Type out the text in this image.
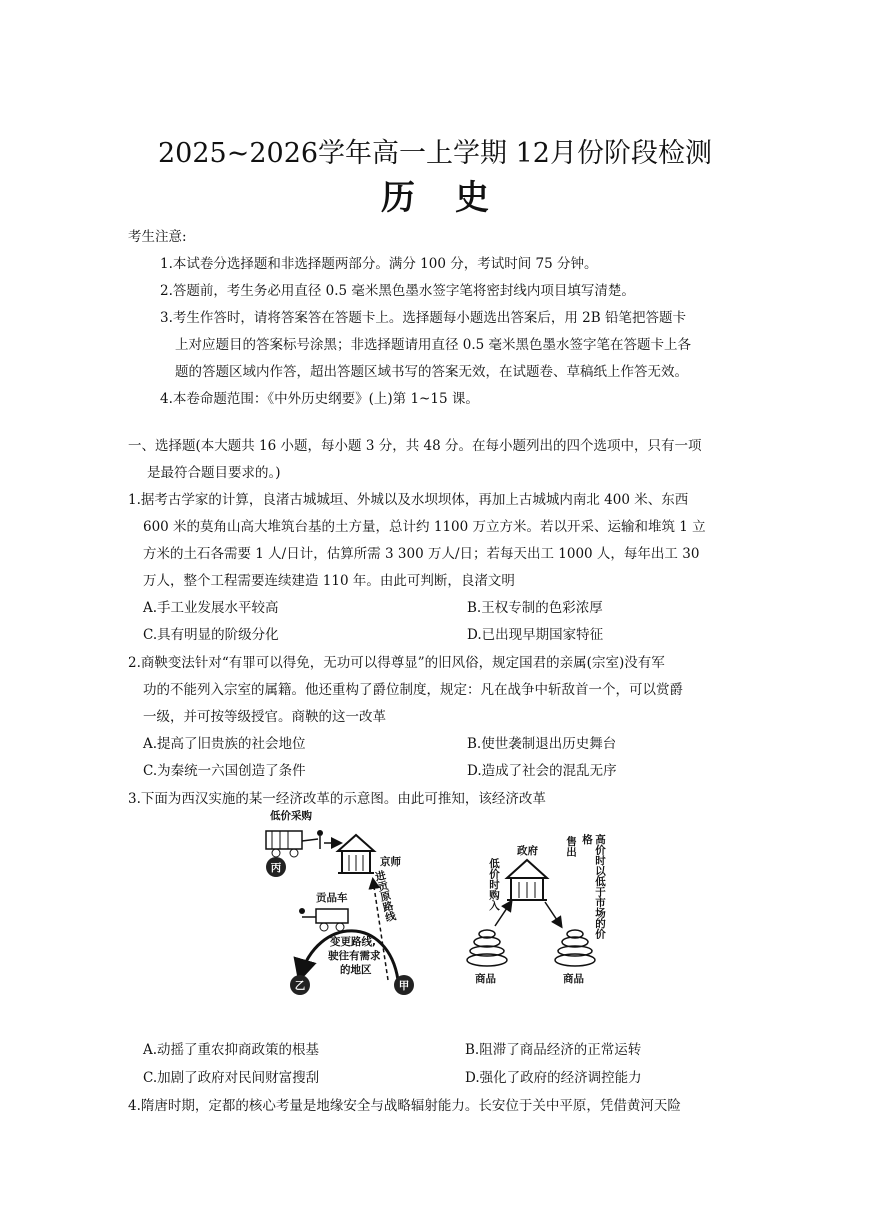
2025~2026学年高一上学期 12月份阶段检测
历史
考生注意:
1.本试卷分选择题和非选择题两部分。满分 100 分，考试时间 75 分钟。
2.答题前，考生务必用直径 0.5 毫米黑色墨水签字笔将密封线内项目填写清楚。
3.考生作答时，请将答案答在答题卡上。选择题每小题选出答案后，用 2B 铅笔把答题卡
上对应题目的答案标号涂黑；非选择题请用直径 0.5 毫米黑色墨水签字笔在答题卡上各
题的答题区域内作答，超出答题区域书写的答案无效，在试题卷、草稿纸上作答无效。
4.本卷命题范围：《中外历史纲要》(上)第 1~15 课。
一、选择题(本大题共 16 小题，每小题 3 分，共 48 分。在每小题列出的四个选项中，只有一项
是最符合题目要求的。)
1.据考古学家的计算，良渚古城城垣、外城以及水坝坝体，再加上古城城内南北 400 米、东西
600 米的莫角山高大堆筑台基的土方量，总计约 1100 万立方米。若以开采、运输和堆筑 1 立
方米的土石各需要 1 人/日计，估算所需 3 300 万人/日；若每天出工 1000 人，每年出工 30
万人，整个工程需要连续建造 110 年。由此可判断，良渚文明
A.手工业发展水平较高	B.王权专制的色彩浓厚
C.具有明显的阶级分化	D.已出现早期国家特征
2.商鞅变法针对“有罪可以得免，无功可以得尊显”的旧风俗，规定国君的亲属(宗室)没有军
功的不能列入宗室的属籍。他还重构了爵位制度，规定：凡在战争中斩敌首一个，可以赏爵
一级，并可按等级授官。商鞅的这一改革
A.提高了旧贵族的社会地位	B.使世袭制退出历史舞台
C.为秦统一六国创造了条件	D.造成了社会的混乱无序
3.下面为西汉实施的某一经济改革的示意图。由此可推知，该经济改革
低价采购
丙	京师
贡品车
变更路线,
驶往有需求
的地区
乙	甲
进贡原路线
政府
商品	商品
低价时购入
售出	高价时以低于市场的价格
A.动摇了重农抑商政策的根基	B.阻滞了商品经济的正常运转
C.加剧了政府对民间财富搜刮	D.强化了政府的经济调控能力
4.隋唐时期，定都的核心考量是地缘安全与战略辐射能力。长安位于关中平原，凭借黄河天险
